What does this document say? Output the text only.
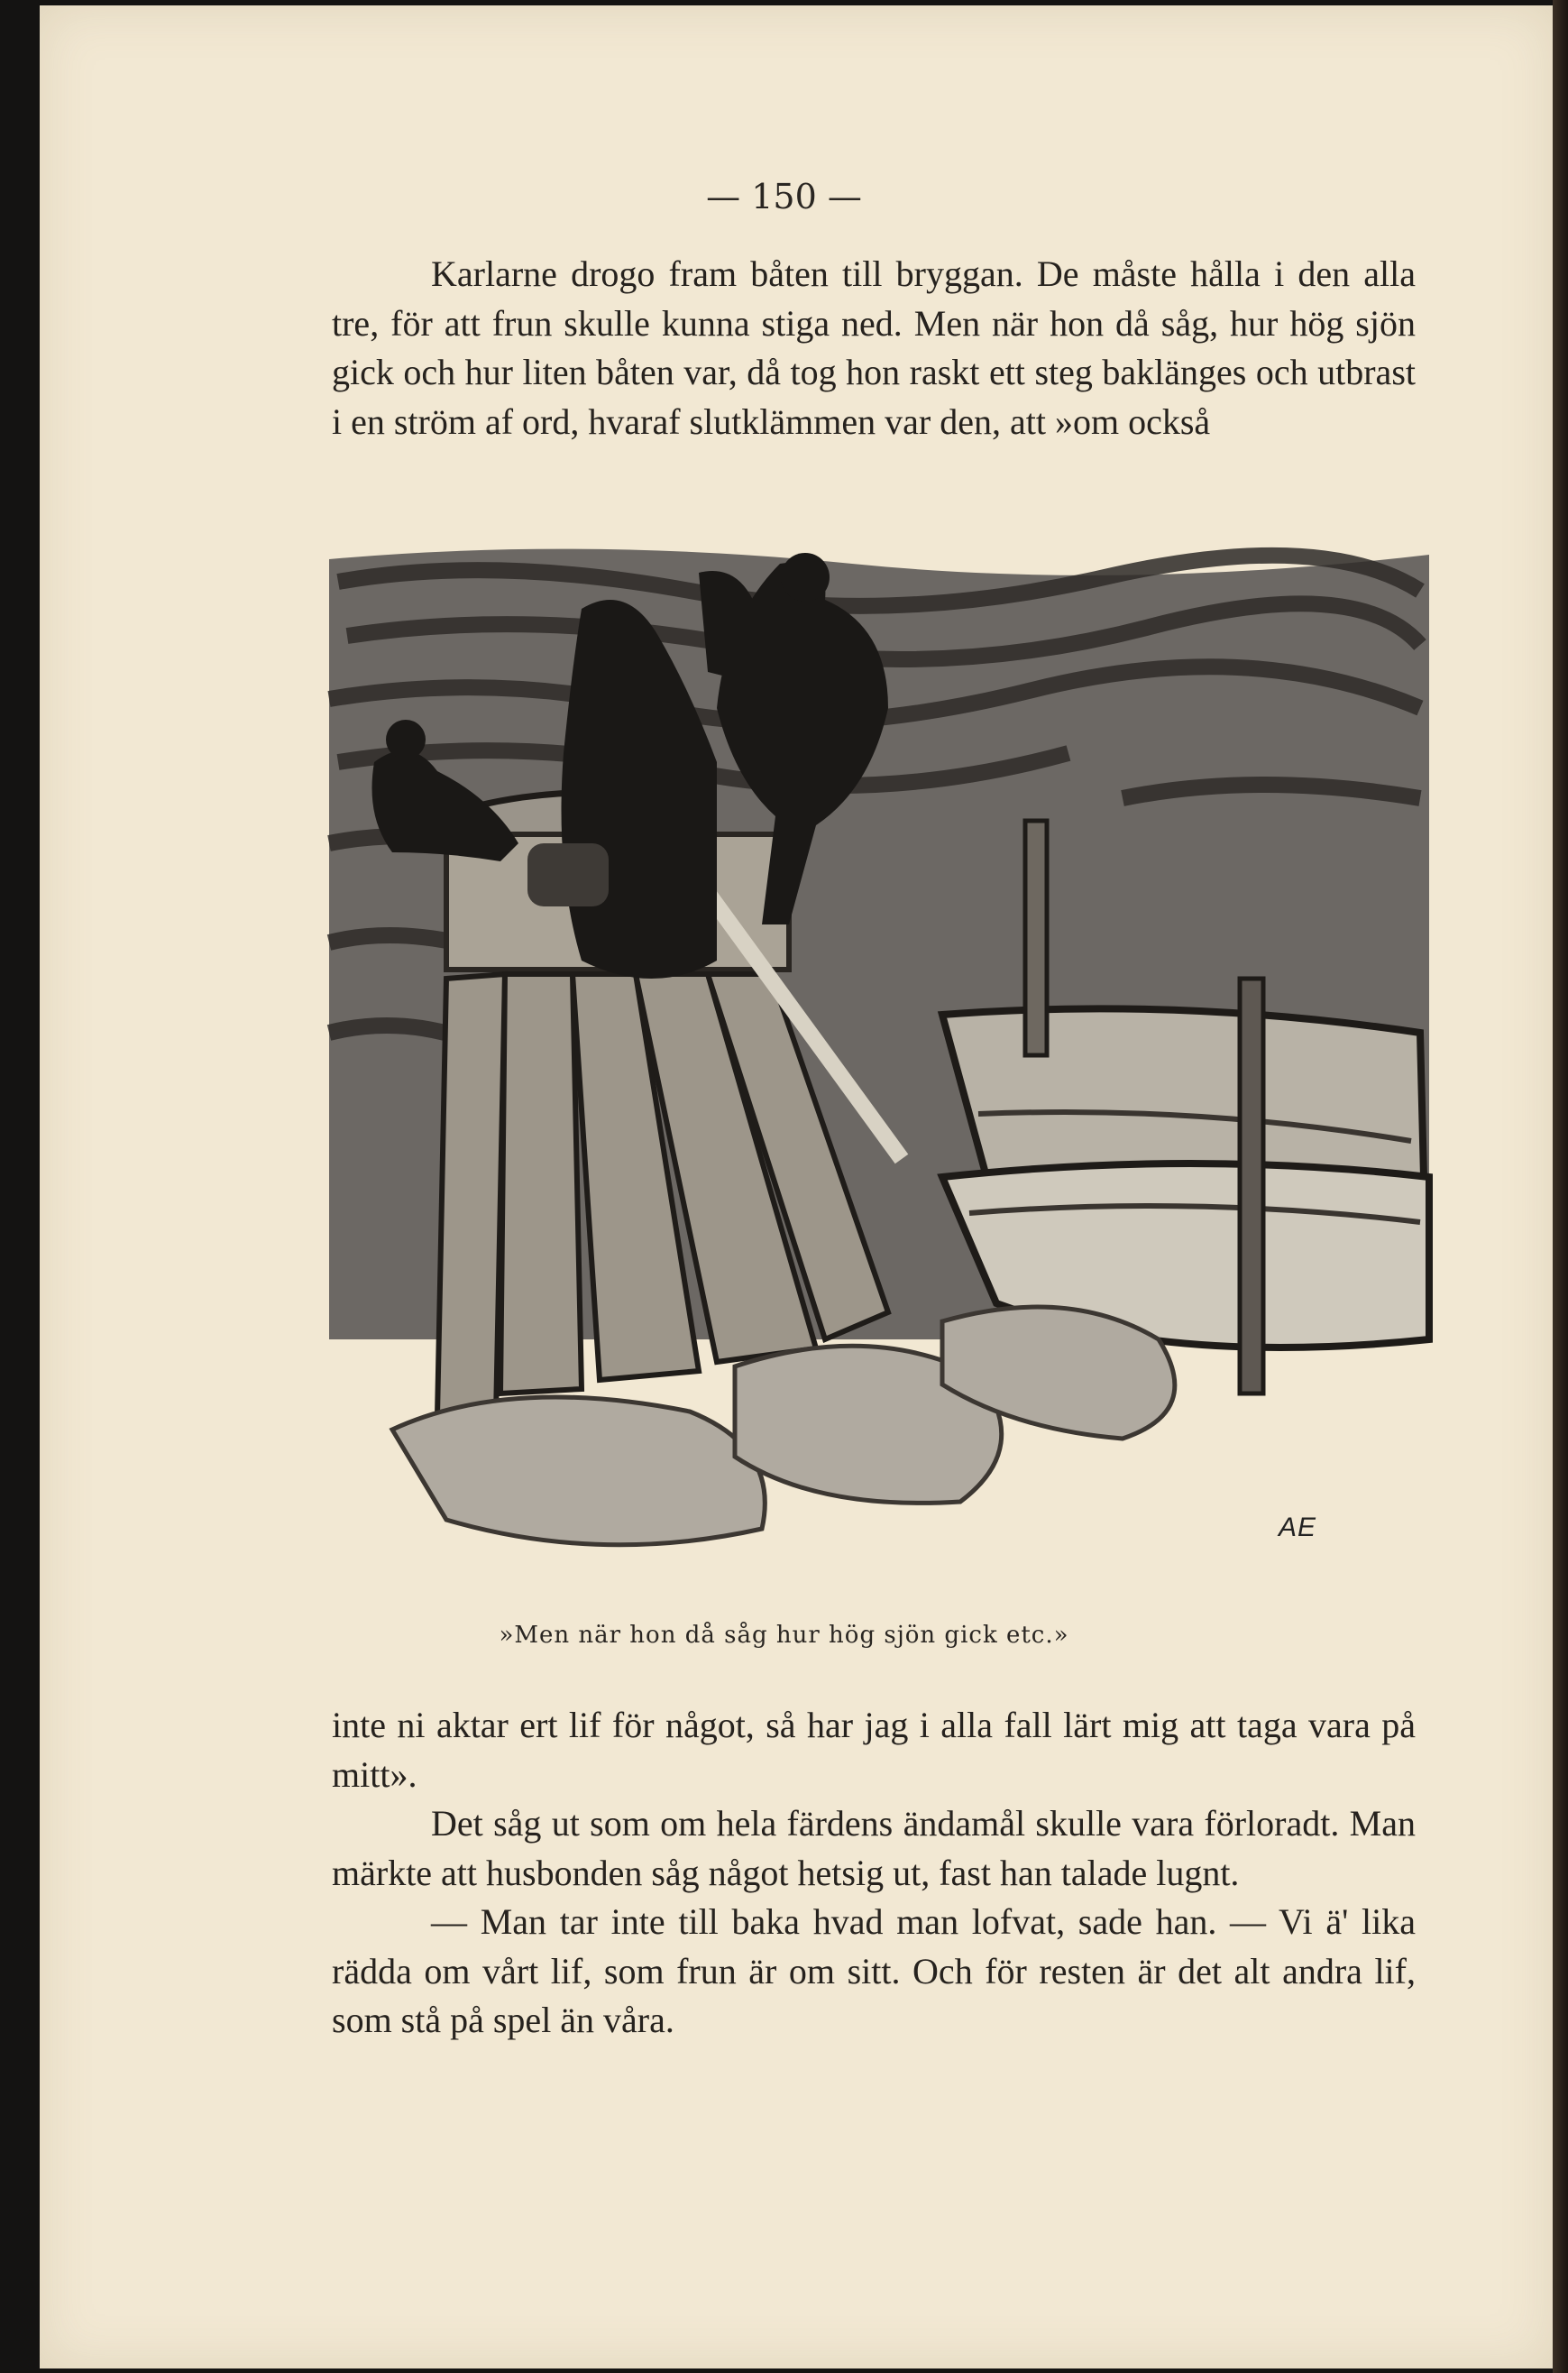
— 150 —

Karlarne drogo fram båten till bryggan. De måste hålla i den alla tre, för att frun skulle kunna stiga ned. Men när hon då såg, hur hög sjön gick och hur liten båten var, då tog hon raskt ett steg baklänges och utbrast i en ström af ord, hvaraf slutklämmen var den, att »om också

AE
»Men när hon då såg hur hög sjön gick etc.»

inte ni aktar ert lif för något, så har jag i alla fall lärt mig att taga vara på mitt».

Det såg ut som om hela färdens ändamål skulle vara förloradt. Man märkte att husbonden såg något hetsig ut, fast han talade lugnt.

— Man tar inte till baka hvad man lofvat, sade han. — Vi ä' lika rädda om vårt lif, som frun är om sitt. Och för resten är det alt andra lif, som stå på spel än våra.
